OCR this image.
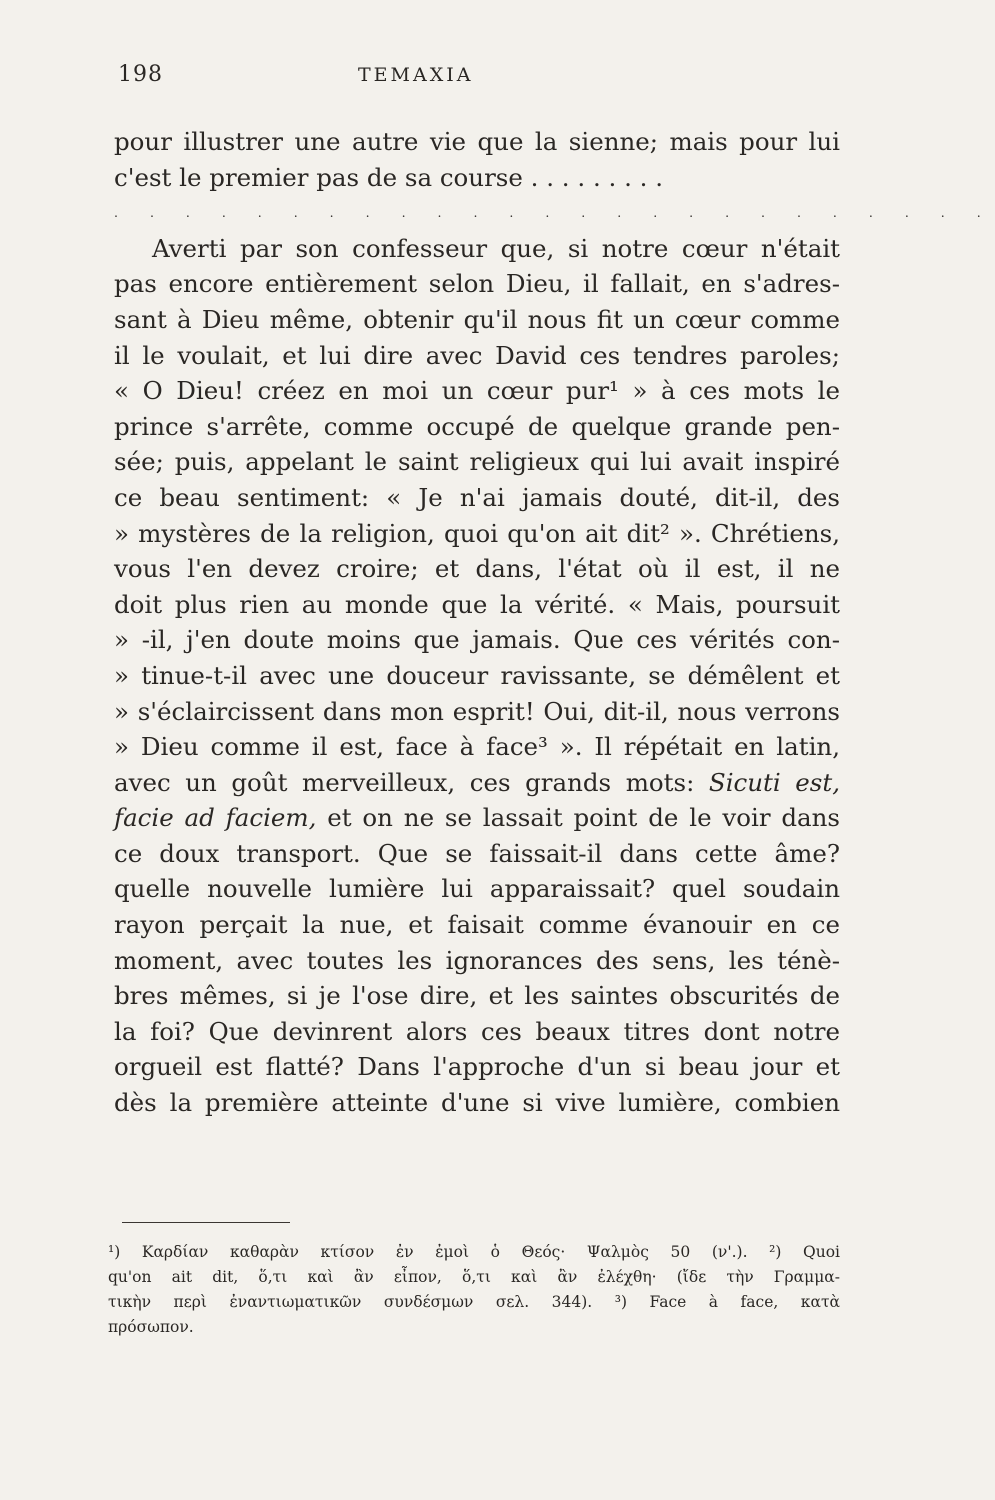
198	TEMAXIA
pour illustrer une autre vie que la sienne; mais pour lui
c'est le premier pas de sa course . . . . . . . . .
. . . . . . . . . . . . . . . . . . . . . . . . .
Averti par son confesseur que, si notre cœur n'était
pas encore entièrement selon Dieu, il fallait, en s'adres-
sant à Dieu même, obtenir qu'il nous fit un cœur comme
il le voulait, et lui dire avec David ces tendres paroles;
« O Dieu! créez en moi un cœur pur¹ » à ces mots le
prince s'arrête, comme occupé de quelque grande pen-
sée; puis, appelant le saint religieux qui lui avait inspiré
ce beau sentiment: « Je n'ai jamais douté, dit-il, des
» mystères de la religion, quoi qu'on ait dit² ». Chrétiens,
vous l'en devez croire; et dans, l'état où il est, il ne
doit plus rien au monde que la vérité. « Mais, poursuit
» -il, j'en doute moins que jamais. Que ces vérités con-
» tinue-t-il avec une douceur ravissante, se démêlent et
» s'éclaircissent dans mon esprit! Oui, dit-il, nous verrons
» Dieu comme il est, face à face³ ». Il répétait en latin,
avec un goût merveilleux, ces grands mots: Sicuti est,
facie ad faciem, et on ne se lassait point de le voir dans
ce doux transport. Que se faissait-il dans cette âme?
quelle nouvelle lumière lui apparaissait? quel soudain
rayon perçait la nue, et faisait comme évanouir en ce
moment, avec toutes les ignorances des sens, les ténè-
bres mêmes, si je l'ose dire, et les saintes obscurités de
la foi? Que devinrent alors ces beaux titres dont notre
orgueil est flatté? Dans l'approche d'un si beau jour et
dès la première atteinte d'une si vive lumière, combien
¹) Καρδίαν καθαρὰν κτίσον ἐν ἐμοὶ ὁ Θεός· Ψαλμὸς 50 (ν'.). ²) Quoi
qu'on ait dit, ὅ,τι καὶ ἂν εἶπον, ὅ,τι καὶ ἂν ἐλέχθη· (ἴδε τὴν Γραμμα-
τικὴν περὶ ἐναντιωματικῶν συνδέσμων σελ. 344). ³) Face à face, κατὰ
πρόσωπον.
